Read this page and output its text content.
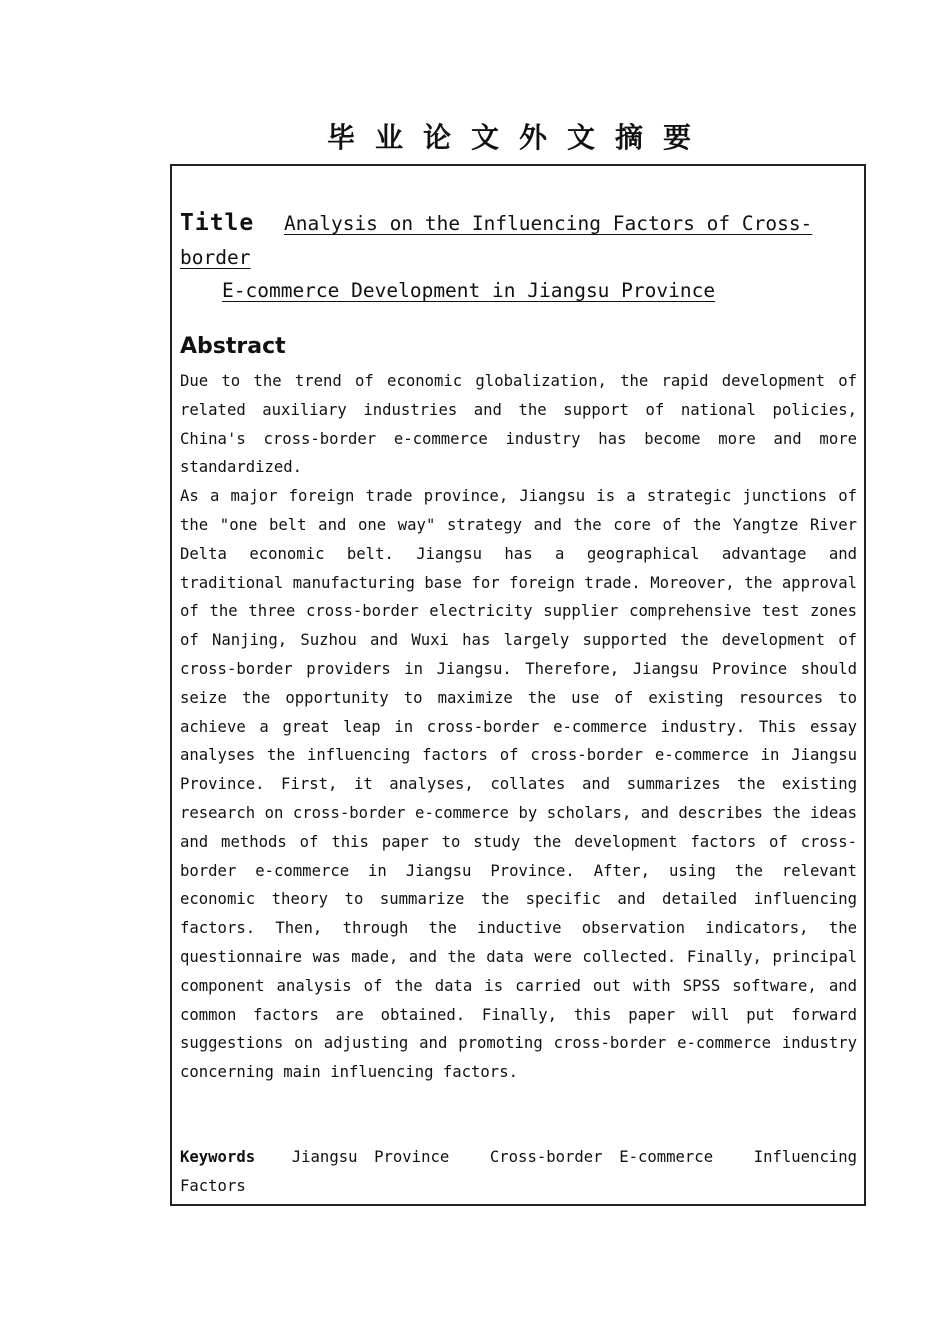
毕业论文外文摘要
Title Analysis on the Influencing Factors of Cross-border
E-commerce Development in Jiangsu Province
Abstract

Due to the trend of economic globalization, the rapid development of related auxiliary industries and the support of national policies, China's cross-border e-commerce industry has become more and more standardized.

As a major foreign trade province, Jiangsu is a strategic junctions of the "one belt and one way" strategy and the core of the Yangtze River Delta economic belt. Jiangsu has a geographical advantage and traditional manufacturing base for foreign trade. Moreover, the approval of the three cross-border electricity supplier comprehensive test zones of Nanjing, Suzhou and Wuxi has largely supported the development of cross-border providers in Jiangsu. Therefore, Jiangsu Province should seize the opportunity to maximize the use of existing resources to achieve a great leap in cross-border e-commerce industry. This essay analyses the influencing factors of cross-border e-commerce in Jiangsu Province. First, it analyses, collates and summarizes the existing research on cross-border e-commerce by scholars, and describes the ideas and methods of this paper to study the development factors of cross-border e-commerce in Jiangsu Province. After, using the relevant economic theory to summarize the specific and detailed influencing factors. Then, through the inductive observation indicators, the questionnaire was made, and the data were collected. Finally, principal component analysis of the data is carried out with SPSS software, and common factors are obtained. Finally, this paper will put forward suggestions on adjusting and promoting cross-border e-commerce industry concerning main influencing factors.

Keywords Jiangsu Province	Cross-border E-commerce	Influencing Factors
